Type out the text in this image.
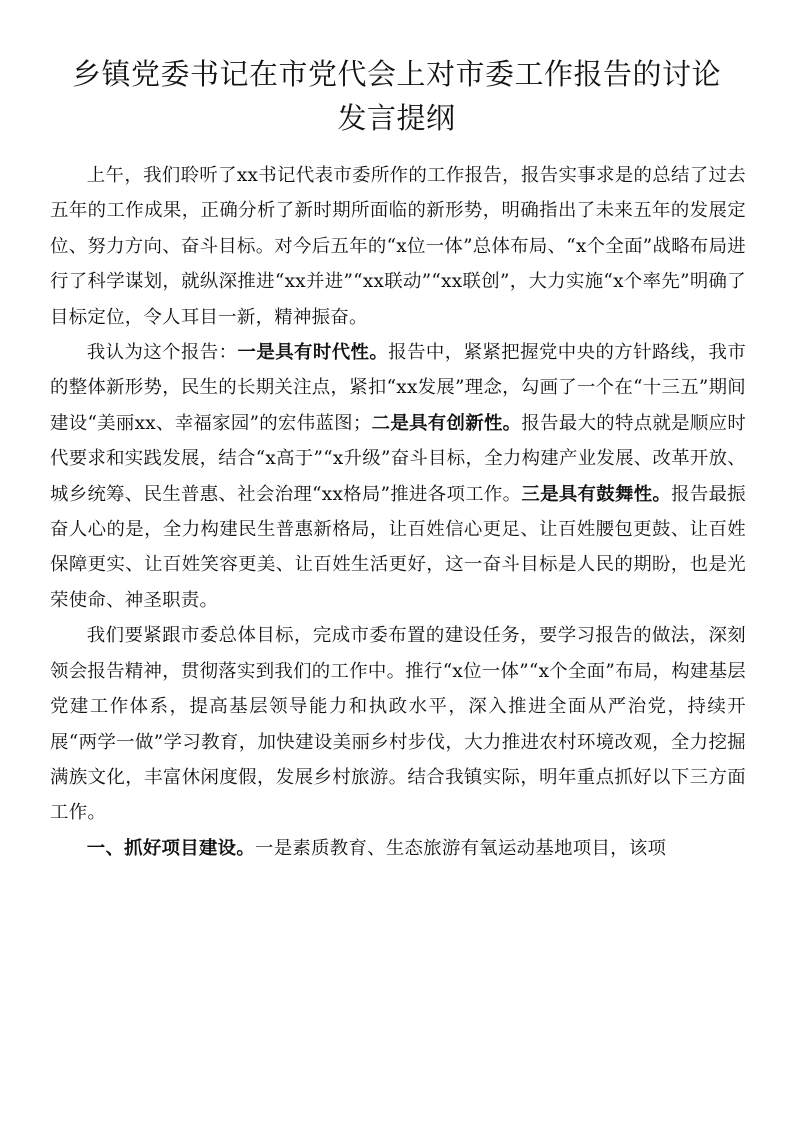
乡镇党委书记在市党代会上对市委工作报告的讨论
发言提纲

上午，我们聆听了xx书记代表市委所作的工作报告，报告实事求是的总结了过去五年的工作成果，正确分析了新时期所面临的新形势，明确指出了未来五年的发展定位、努力方向、奋斗目标。对今后五年的“x位一体”总体布局、“x个全面”战略布局进行了科学谋划，就纵深推进“xx并进”“xx联动”“xx联创”，大力实施“x个率先”明确了目标定位，令人耳目一新，精神振奋。

我认为这个报告：一是具有时代性。报告中，紧紧把握党中央的方针路线，我市的整体新形势，民生的长期关注点，紧扣“xx发展”理念，勾画了一个在“十三五”期间建设“美丽xx、幸福家园”的宏伟蓝图；二是具有创新性。报告最大的特点就是顺应时代要求和实践发展，结合“x高于”“x升级”奋斗目标，全力构建产业发展、改革开放、城乡统筹、民生普惠、社会治理“xx格局”推进各项工作。三是具有鼓舞性。报告最振奋人心的是，全力构建民生普惠新格局，让百姓信心更足、让百姓腰包更鼓、让百姓保障更实、让百姓笑容更美、让百姓生活更好，这一奋斗目标是人民的期盼，也是光荣使命、神圣职责。

我们要紧跟市委总体目标，完成市委布置的建设任务，要学习报告的做法，深刻领会报告精神，贯彻落实到我们的工作中。推行“x位一体”“x个全面”布局，构建基层党建工作体系，提高基层领导能力和执政水平，深入推进全面从严治党，持续开展“两学一做”学习教育，加快建设美丽乡村步伐，大力推进农村环境改观，全力挖掘满族文化，丰富休闲度假，发展乡村旅游。结合我镇实际，明年重点抓好以下三方面工作。

一、抓好项目建设。一是素质教育、生态旅游有氧运动基地项目，该项
